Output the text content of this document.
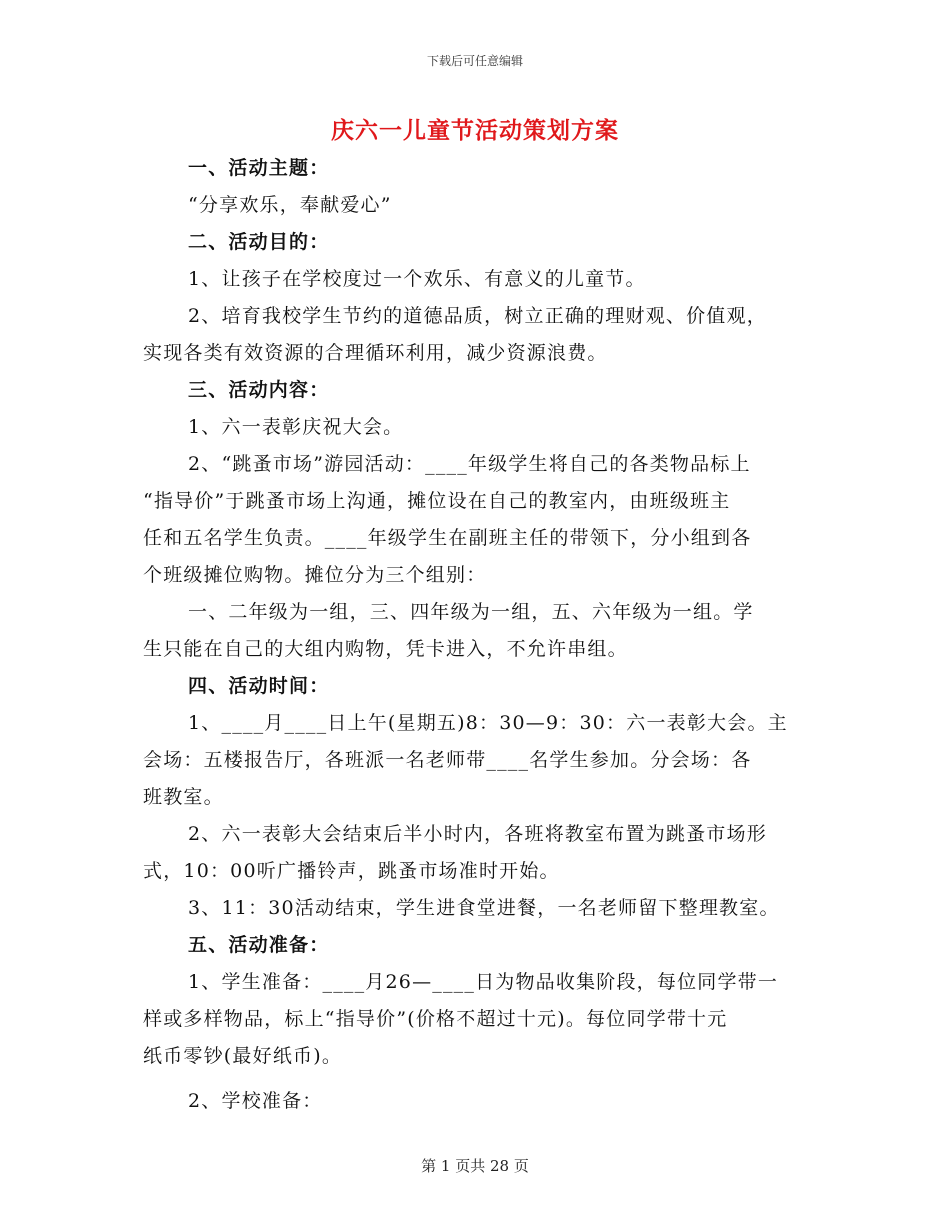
下载后可任意编辑
庆六一儿童节活动策划方案
一、活动主题：
“分享欢乐，奉献爱心”
二、活动目的：
1、让孩子在学校度过一个欢乐、有意义的儿童节。
2、培育我校学生节约的道德品质，树立正确的理财观、价值观，
实现各类有效资源的合理循环利用，减少资源浪费。
三、活动内容：
1、六一表彰庆祝大会。
2、“跳蚤市场”游园活动：____年级学生将自己的各类物品标上
“指导价”于跳蚤市场上沟通，摊位设在自己的教室内，由班级班主
任和五名学生负责。____年级学生在副班主任的带领下，分小组到各
个班级摊位购物。摊位分为三个组别：
一、二年级为一组，三、四年级为一组，五、六年级为一组。学
生只能在自己的大组内购物，凭卡进入，不允许串组。
四、活动时间：
1、____月____日上午(星期五)8：30—9：30：六一表彰大会。主
会场：五楼报告厅，各班派一名老师带____名学生参加。分会场：各
班教室。
2、六一表彰大会结束后半小时内，各班将教室布置为跳蚤市场形
式，10：00听广播铃声，跳蚤市场准时开始。
3、11：30活动结束，学生进食堂进餐，一名老师留下整理教室。
五、活动准备：
1、学生准备：____月26—____日为物品收集阶段，每位同学带一
样或多样物品，标上“指导价”(价格不超过十元)。每位同学带十元
纸币零钞(最好纸币)。
2、学校准备：
第 1 页共 28 页
